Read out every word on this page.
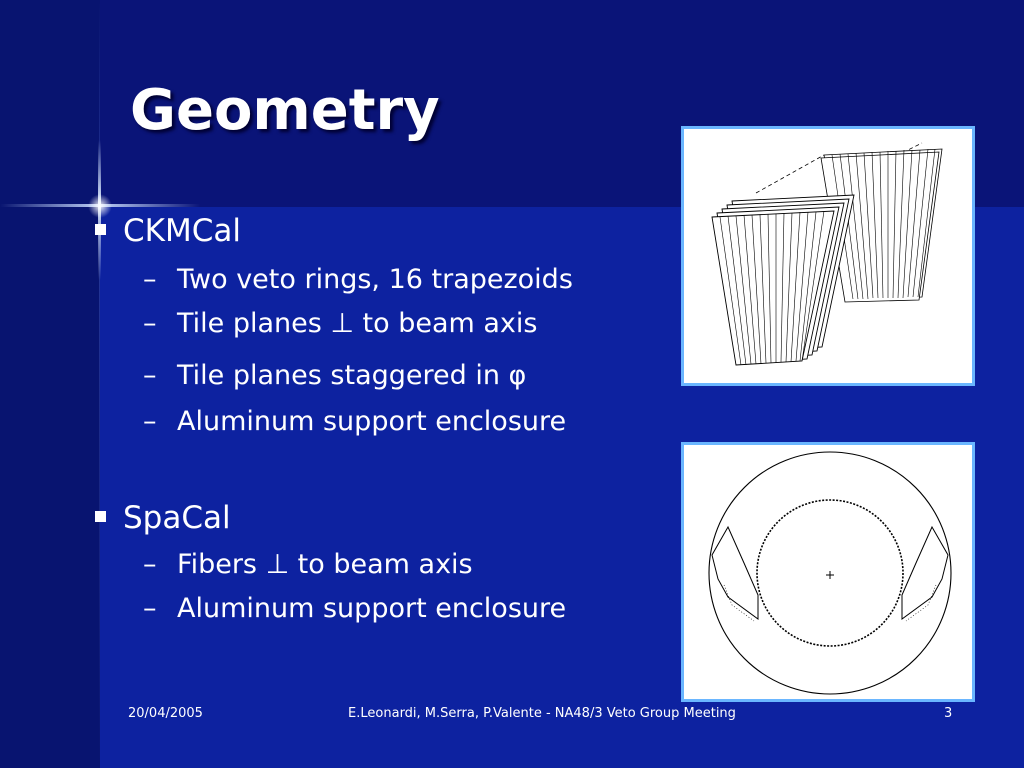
Geometry
CKMCal
– Two veto rings, 16 trapezoids
– Tile planes ⊥ to beam axis
– Tile planes staggered in φ
– Aluminum support enclosure
SpaCal
– Fibers ⊥ to beam axis
– Aluminum support enclosure
20/04/2005	E.Leonardi, M.Serra, P.Valente - NA48/3 Veto Group Meeting	3
